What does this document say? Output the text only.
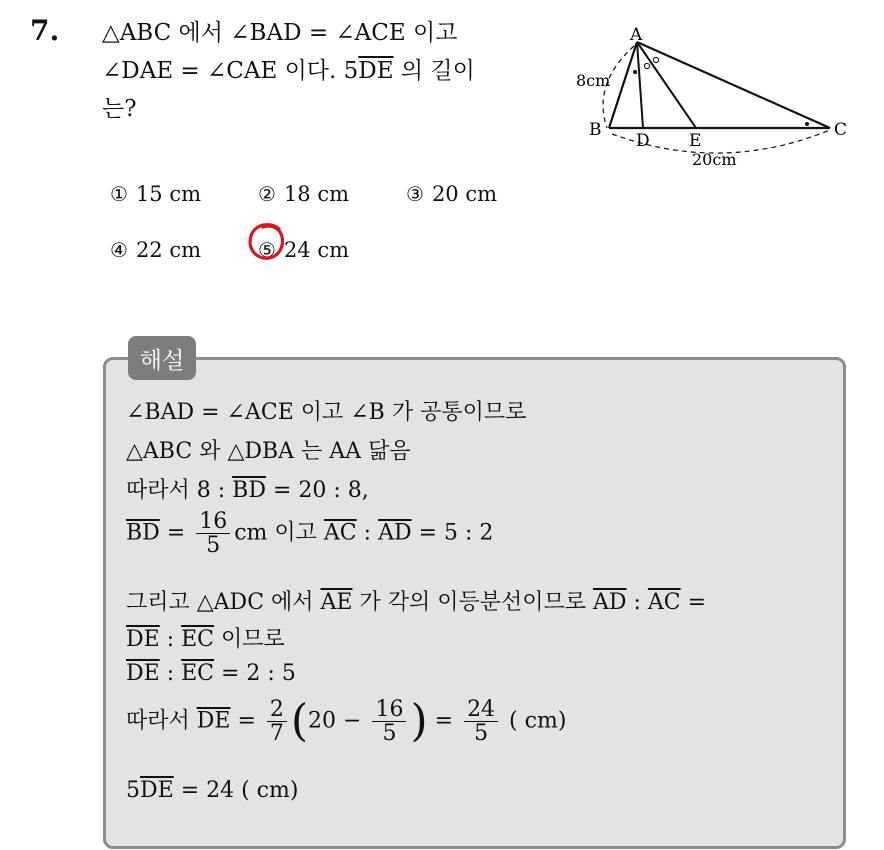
7. △ABC 에서 ∠BAD = ∠ACE 이고
∠DAE = ∠CAE 이다. $5\overline{DE}$ 의 길이
는?
A
B	C
D E
8cm
20cm
① 15 cm	② 18 cm	③ 20 cm
④ 22 cm	⑤ 24 cm
해설
∠BAD = ∠ACE 이고 ∠B 가 공통이므로
△ABC 와 △DBA 는 AA 닮음
따라서 8 : $\overline{BD} = 20$ : 8,
$\overline{BD} = \frac{16}{5}$ cm 이고 $\overline{AC}$ : $\overline{AD} = 5$ : 2
그리고 △ADC 에서 $\overline{AE}$ 가 각의 이등분선이므로 $\overline{AD}$ : $\overline{AC}$ =
$\overline{DE}$ : $\overline{EC}$ 이므로
$\overline{DE}$ : $\overline{EC} = 2$ : 5
따라서 $\overline{DE} = \frac{2}{7} (20 - \frac{16}{5}$ ) = $\frac{24}{5}$ ( cm)
$5\overline{DE} = 24$ ( cm)
